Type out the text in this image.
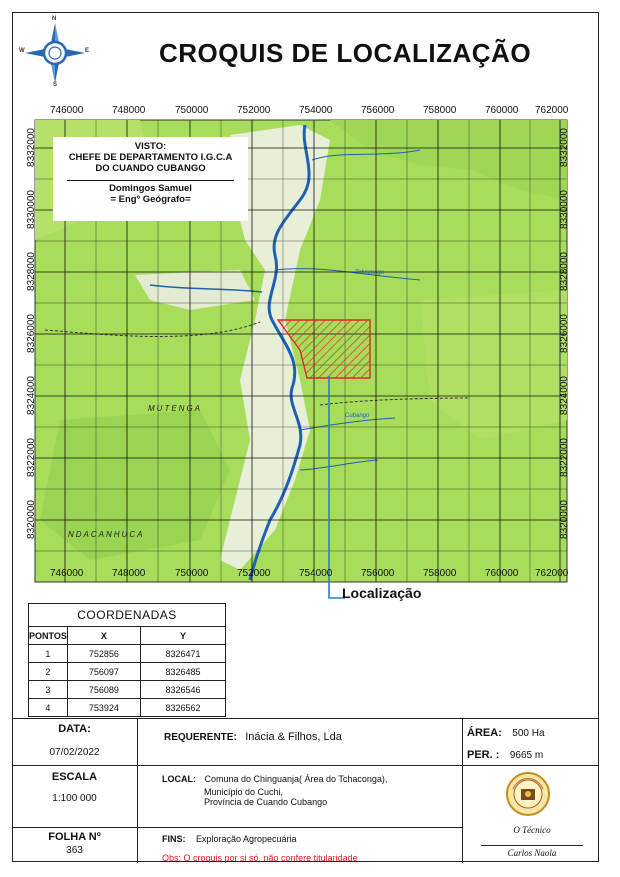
N
S
W	E	CROQUIS DE LOCALIZAÇÃO
746000	748000	750000	752000	754000	756000	758000	760000 762000
746000	748000	750000	752000	754000	756000	758000	760000 762000
8332000
8330000
8328000
8326000
8324000
8322000
8320000
8332000
8330000
8328000
8326000
8324000
8322000
8320000
MUTENGA
NDACANHUCA
Cubango
Tchaconga
VISTO:
CHEFE DE DEPARTAMENTO I.G.C.A
DO CUANDO CUBANGO
Domingos Samuel
= Engº Geógrafo=
Localização
COORDENADAS		
PONTOS	X	Y
1	752856	8326471
2	756097	8326485
3	756089	8326546
4	753924	8326562
DATA:
07/02/2022
REQUERENTE: Inácia & Filhos, Lda	ÁREA: 500 Ha
PER. : 9665 m
ESCALA
1:100 000
LOCAL: Comuna do Chinguanja( Área do Tchaconga),
Município do Cuchi,
Província de Cuando Cubango
FOLHA Nº
363
FINS: Exploração Agropecuária
Obs: O croquis por si só, não confere titularidade
O Técnico
Carlos Naola
